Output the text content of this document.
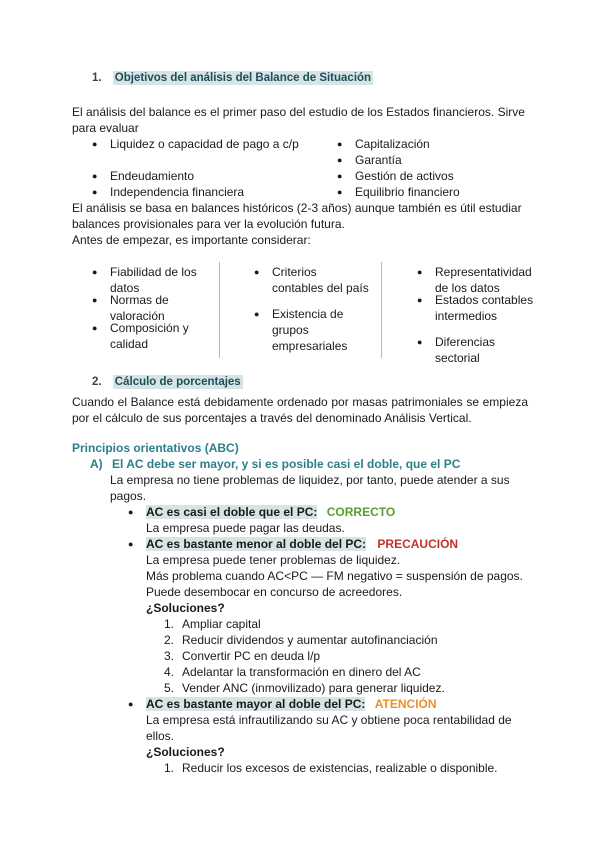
1. Objetivos del análisis del Balance de Situación
El análisis del balance es el primer paso del estudio de los Estados financieros. Sirve para evaluar
● Liquidez o capacidad de pago a c/p
● Endeudamiento
● Independencia financiera
● Capitalización
● Garantía
● Gestión de activos
● Equilibrio financiero
El análisis se basa en balances históricos (2-3 años) aunque también es útil estudiar balances provisionales para ver la evolución futura.
Antes de empezar, es importante considerar:
● Fiabilidad de los datos
● Normas de valoración
● Composición y calidad
● Criterios contables del país
● Existencia de grupos empresariales
● Representatividad de los datos
● Estados contables intermedios
● Diferencias sectorial
2. Cálculo de porcentajes
Cuando el Balance está debidamente ordenado por masas patrimoniales se empieza por el cálculo de sus porcentajes a través del denominado Análisis Vertical.
Principios orientativos (ABC)
A) El AC debe ser mayor, y si es posible casi el doble, que el PC
La empresa no tiene problemas de liquidez, por tanto, puede atender a sus pagos.
● AC es casi el doble que el PC: CORRECTO
La empresa puede pagar las deudas.
● AC es bastante menor al doble del PC: PRECAUCIÓN
La empresa puede tener problemas de liquidez.
Más problema cuando AC<PC — FM negativo = suspensión de pagos.
Puede desembocar en concurso de acreedores.
¿Soluciones?
1. Ampliar capital
2. Reducir dividendos y aumentar autofinanciación
3. Convertir PC en deuda l/p
4. Adelantar la transformación en dinero del AC
5. Vender ANC (inmovilizado) para generar liquidez.
● AC es bastante mayor al doble del PC: ATENCIÓN
La empresa está infrautilizando su AC y obtiene poca rentabilidad de ellos.
¿Soluciones?
1. Reducir los excesos de existencias, realizable o disponible.
